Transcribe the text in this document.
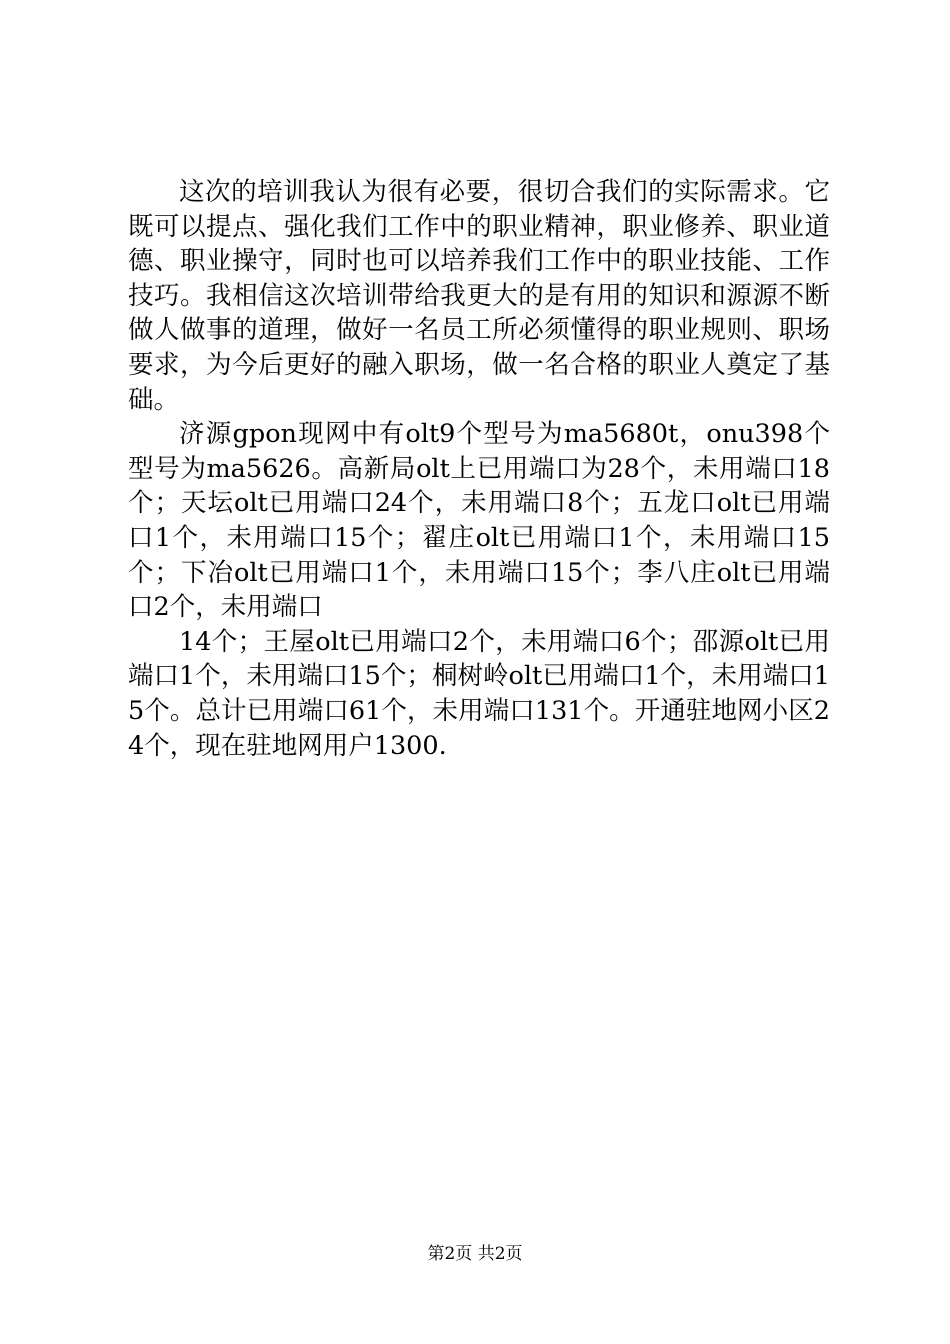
这次的培训我认为很有必要，很切合我们的实际需求。它既可以提点、强化我们工作中的职业精神，职业修养、职业道德、职业操守，同时也可以培养我们工作中的职业技能、工作技巧。我相信这次培训带给我更大的是有用的知识和源源不断做人做事的道理，做好一名员工所必须懂得的职业规则、职场要求，为今后更好的融入职场，做一名合格的职业人奠定了基础。

济源gpon现网中有olt9个型号为ma5680t，onu398个型号为ma5626。高新局olt上已用端口为28个，未用端口18个；天坛olt已用端口24个，未用端口8个；五龙口olt已用端口1个，未用端口15个；翟庄olt已用端口1个，未用端口15个；下冶olt已用端口1个，未用端口15个；李八庄olt已用端口2个，未用端口

14个；王屋olt已用端口2个，未用端口6个；邵源olt已用端口1个，未用端口15个；桐树岭olt已用端口1个，未用端口15个。总计已用端口61个，未用端口131个。开通驻地网小区24个，现在驻地网用户1300.

第2页 共2页
